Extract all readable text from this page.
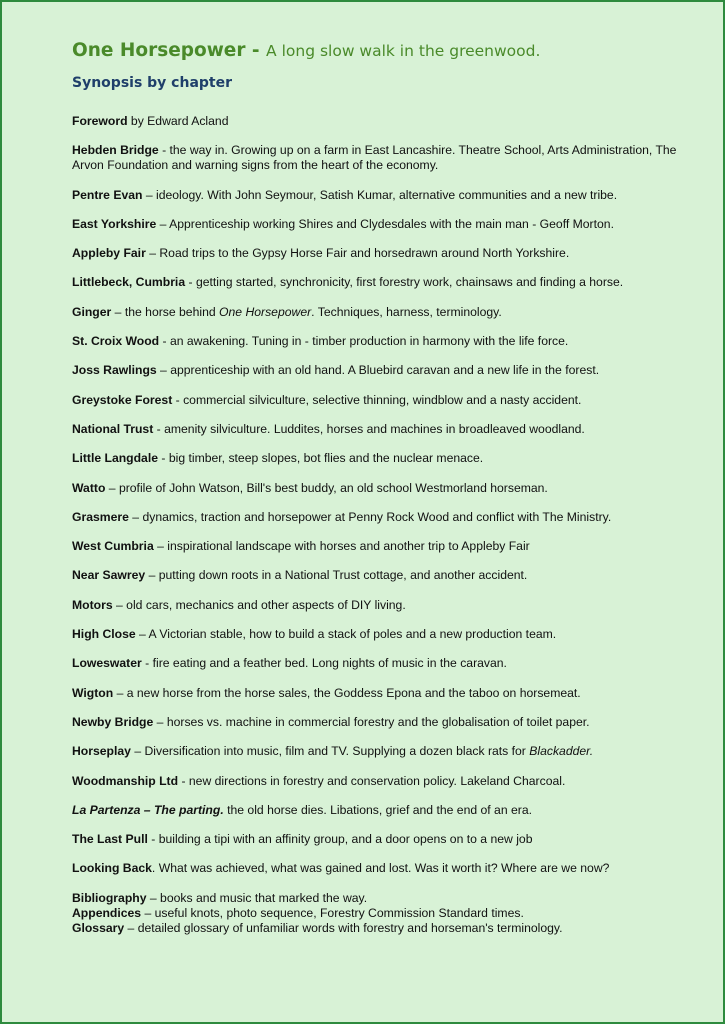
One Horsepower - A long slow walk in the greenwood.
Synopsis by chapter
Foreword by Edward Acland
Hebden Bridge - the way in. Growing up on a farm in East Lancashire. Theatre School, Arts Administration, The Arvon Foundation and warning signs from the heart of the economy.
Pentre Evan – ideology. With John Seymour, Satish Kumar, alternative communities and a new tribe.
East Yorkshire – Apprenticeship working Shires and Clydesdales with the main man - Geoff Morton.
Appleby Fair – Road trips to the Gypsy Horse Fair and horsedrawn around North Yorkshire.
Littlebeck, Cumbria - getting started, synchronicity, first forestry work, chainsaws and finding a horse.
Ginger – the horse behind One Horsepower. Techniques, harness, terminology.
St. Croix Wood - an awakening. Tuning in - timber production in harmony with the life force.
Joss Rawlings – apprenticeship with an old hand. A Bluebird caravan and a new life in the forest.
Greystoke Forest - commercial silviculture, selective thinning, windblow and a nasty accident.
National Trust - amenity silviculture. Luddites, horses and machines in broadleaved woodland.
Little Langdale - big timber, steep slopes, bot flies and the nuclear menace.
Watto – profile of John Watson, Bill's best buddy, an old school Westmorland horseman.
Grasmere – dynamics, traction and horsepower at Penny Rock Wood and conflict with The Ministry.
West Cumbria – inspirational landscape with horses and another trip to Appleby Fair
Near Sawrey – putting down roots in a National Trust cottage, and another accident.
Motors – old cars, mechanics and other aspects of DIY living.
High Close – A Victorian stable, how to build a stack of poles and a new production team.
Loweswater - fire eating and a feather bed. Long nights of music in the caravan.
Wigton – a new horse from the horse sales, the Goddess Epona and the taboo on horsemeat.
Newby Bridge – horses vs. machine in commercial forestry and the globalisation of toilet paper.
Horseplay – Diversification into music, film and TV. Supplying a dozen black rats for Blackadder.
Woodmanship Ltd - new directions in forestry and conservation policy. Lakeland Charcoal.
La Partenza – The parting. the old horse dies. Libations, grief and the end of an era.
The Last Pull - building a tipi with an affinity group, and a door opens on to a new job
Looking Back. What was achieved, what was gained and lost. Was it worth it? Where are we now?
Bibliography – books and music that marked the way.
Appendices – useful knots, photo sequence, Forestry Commission Standard times.
Glossary – detailed glossary of unfamiliar words with forestry and horseman's terminology.
